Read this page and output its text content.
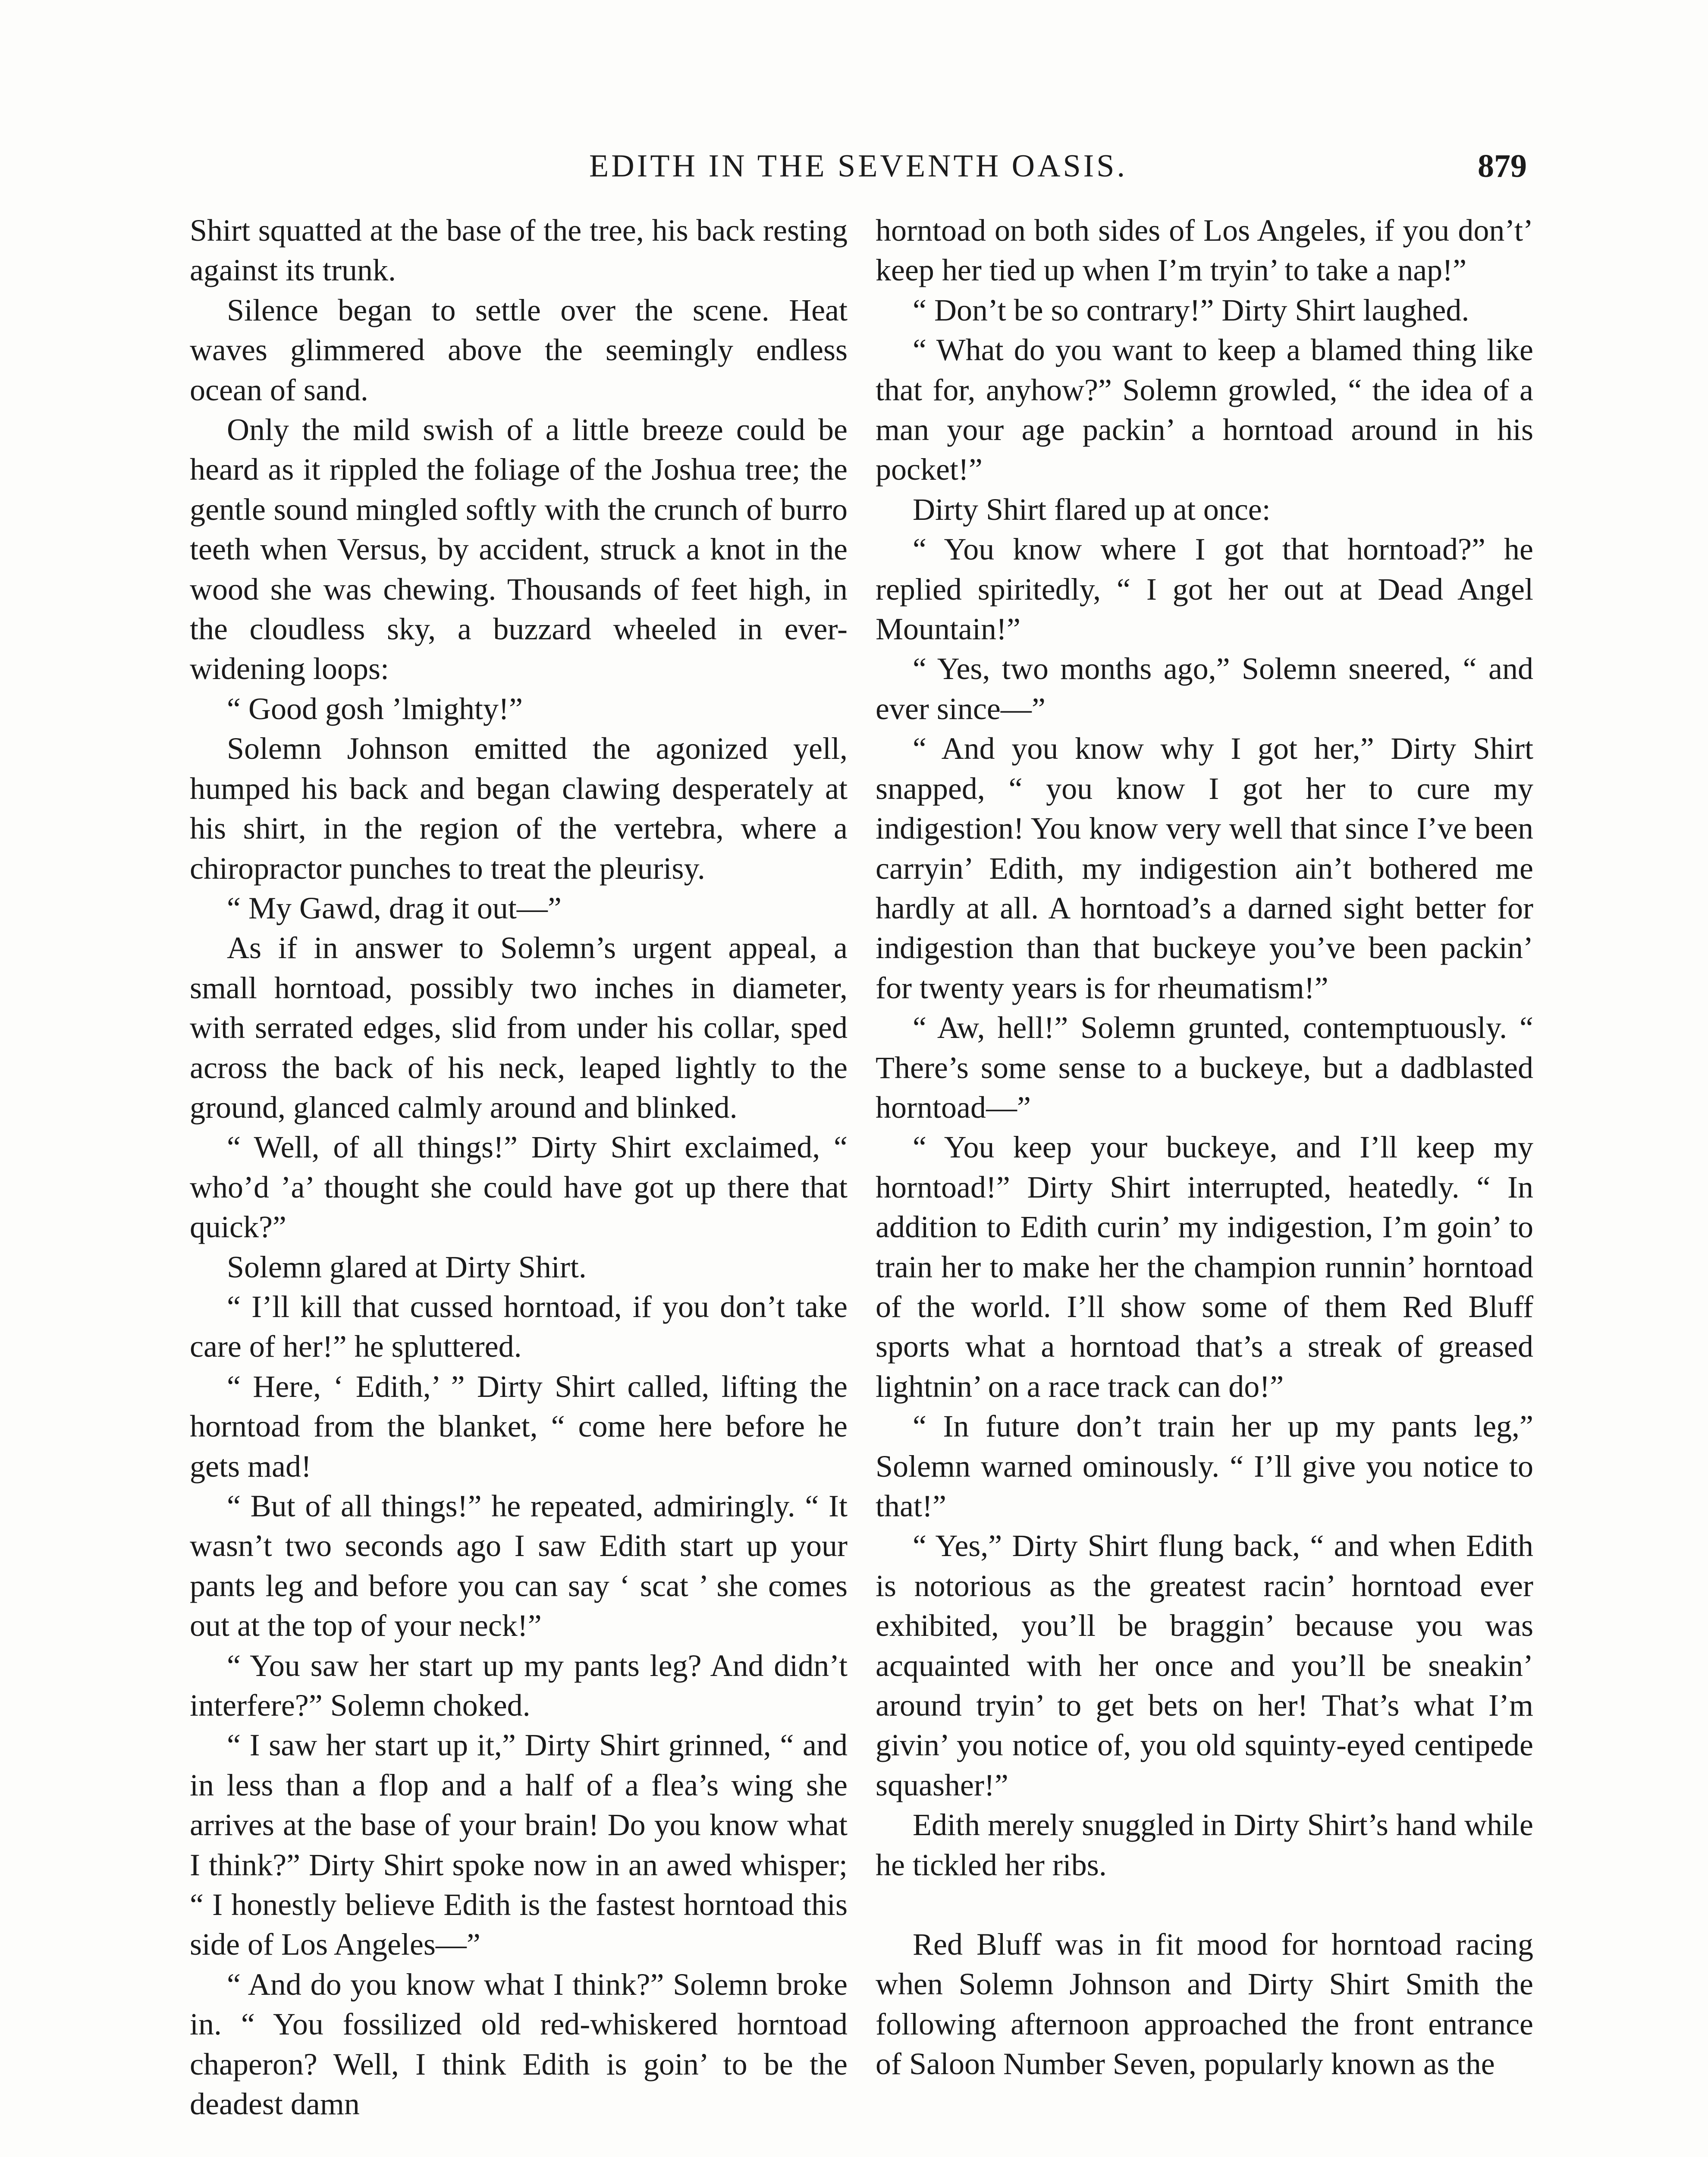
EDITH IN THE SEVENTH OASIS.	879

Shirt squatted at the base of the tree, his back resting against its trunk.

Silence began to settle over the scene. Heat waves glimmered above the seemingly endless ocean of sand.

Only the mild swish of a little breeze could be heard as it rippled the foliage of the Joshua tree; the gentle sound mingled softly with the crunch of burro teeth when Versus, by accident, struck a knot in the wood she was chewing. Thousands of feet high, in the cloudless sky, a buzzard wheeled in ever-widening loops:

“ Good gosh ’lmighty!”

Solemn Johnson emitted the agonized yell, humped his back and began clawing desperately at his shirt, in the region of the vertebra, where a chiropractor punches to treat the pleurisy.

“ My Gawd, drag it out—”

As if in answer to Solemn’s urgent appeal, a small horntoad, possibly two inches in diameter, with serrated edges, slid from under his collar, sped across the back of his neck, leaped lightly to the ground, glanced calmly around and blinked.

“ Well, of all things!” Dirty Shirt exclaimed, “ who’d ’a’ thought she could have got up there that quick?”

Solemn glared at Dirty Shirt.

“ I’ll kill that cussed horntoad, if you don’t take care of her!” he spluttered.

“ Here, ‘ Edith,’ ” Dirty Shirt called, lifting the horntoad from the blanket, “ come here before he gets mad!

“ But of all things!” he repeated, admiringly. “ It wasn’t two seconds ago I saw Edith start up your pants leg and before you can say ‘ scat ’ she comes out at the top of your neck!”

“ You saw her start up my pants leg? And didn’t interfere?” Solemn choked.

“ I saw her start up it,” Dirty Shirt grinned, “ and in less than a flop and a half of a flea’s wing she arrives at the base of your brain! Do you know what I think?” Dirty Shirt spoke now in an awed whisper; “ I honestly believe Edith is the fastest horntoad this side of Los Angeles—”

“ And do you know what I think?” Solemn broke in. “ You fossilized old red-whiskered horntoad chaperon? Well, I think Edith is goin’ to be the deadest damn

horntoad on both sides of Los Angeles, if you don’t’ keep her tied up when I’m tryin’ to take a nap!”

“ Don’t be so contrary!” Dirty Shirt laughed.

“ What do you want to keep a blamed thing like that for, anyhow?” Solemn growled, “ the idea of a man your age packin’ a horntoad around in his pocket!”

Dirty Shirt flared up at once:

“ You know where I got that horntoad?” he replied spiritedly, “ I got her out at Dead Angel Mountain!”

“ Yes, two months ago,” Solemn sneered, “ and ever since—”

“ And you know why I got her,” Dirty Shirt snapped, “ you know I got her to cure my indigestion! You know very well that since I’ve been carryin’ Edith, my indigestion ain’t bothered me hardly at all. A horntoad’s a darned sight better for indigestion than that buckeye you’ve been packin’ for twenty years is for rheumatism!”

“ Aw, hell!” Solemn grunted, contemptuously. “ There’s some sense to a buckeye, but a dadblasted horntoad—”

“ You keep your buckeye, and I’ll keep my horntoad!” Dirty Shirt interrupted, heatedly. “ In addition to Edith curin’ my indigestion, I’m goin’ to train her to make her the champion runnin’ horntoad of the world. I’ll show some of them Red Bluff sports what a horntoad that’s a streak of greased lightnin’ on a race track can do!”

“ In future don’t train her up my pants leg,” Solemn warned ominously. “ I’ll give you notice to that!”

“ Yes,” Dirty Shirt flung back, “ and when Edith is notorious as the greatest racin’ horntoad ever exhibited, you’ll be braggin’ because you was acquainted with her once and you’ll be sneakin’ around tryin’ to get bets on her! That’s what I’m givin’ you notice of, you old squinty-eyed centipede squasher!”

Edith merely snuggled in Dirty Shirt’s hand while he tickled her ribs.

Red Bluff was in fit mood for horntoad racing when Solemn Johnson and Dirty Shirt Smith the following afternoon approached the front entrance of Saloon Number Seven, popularly known as the
